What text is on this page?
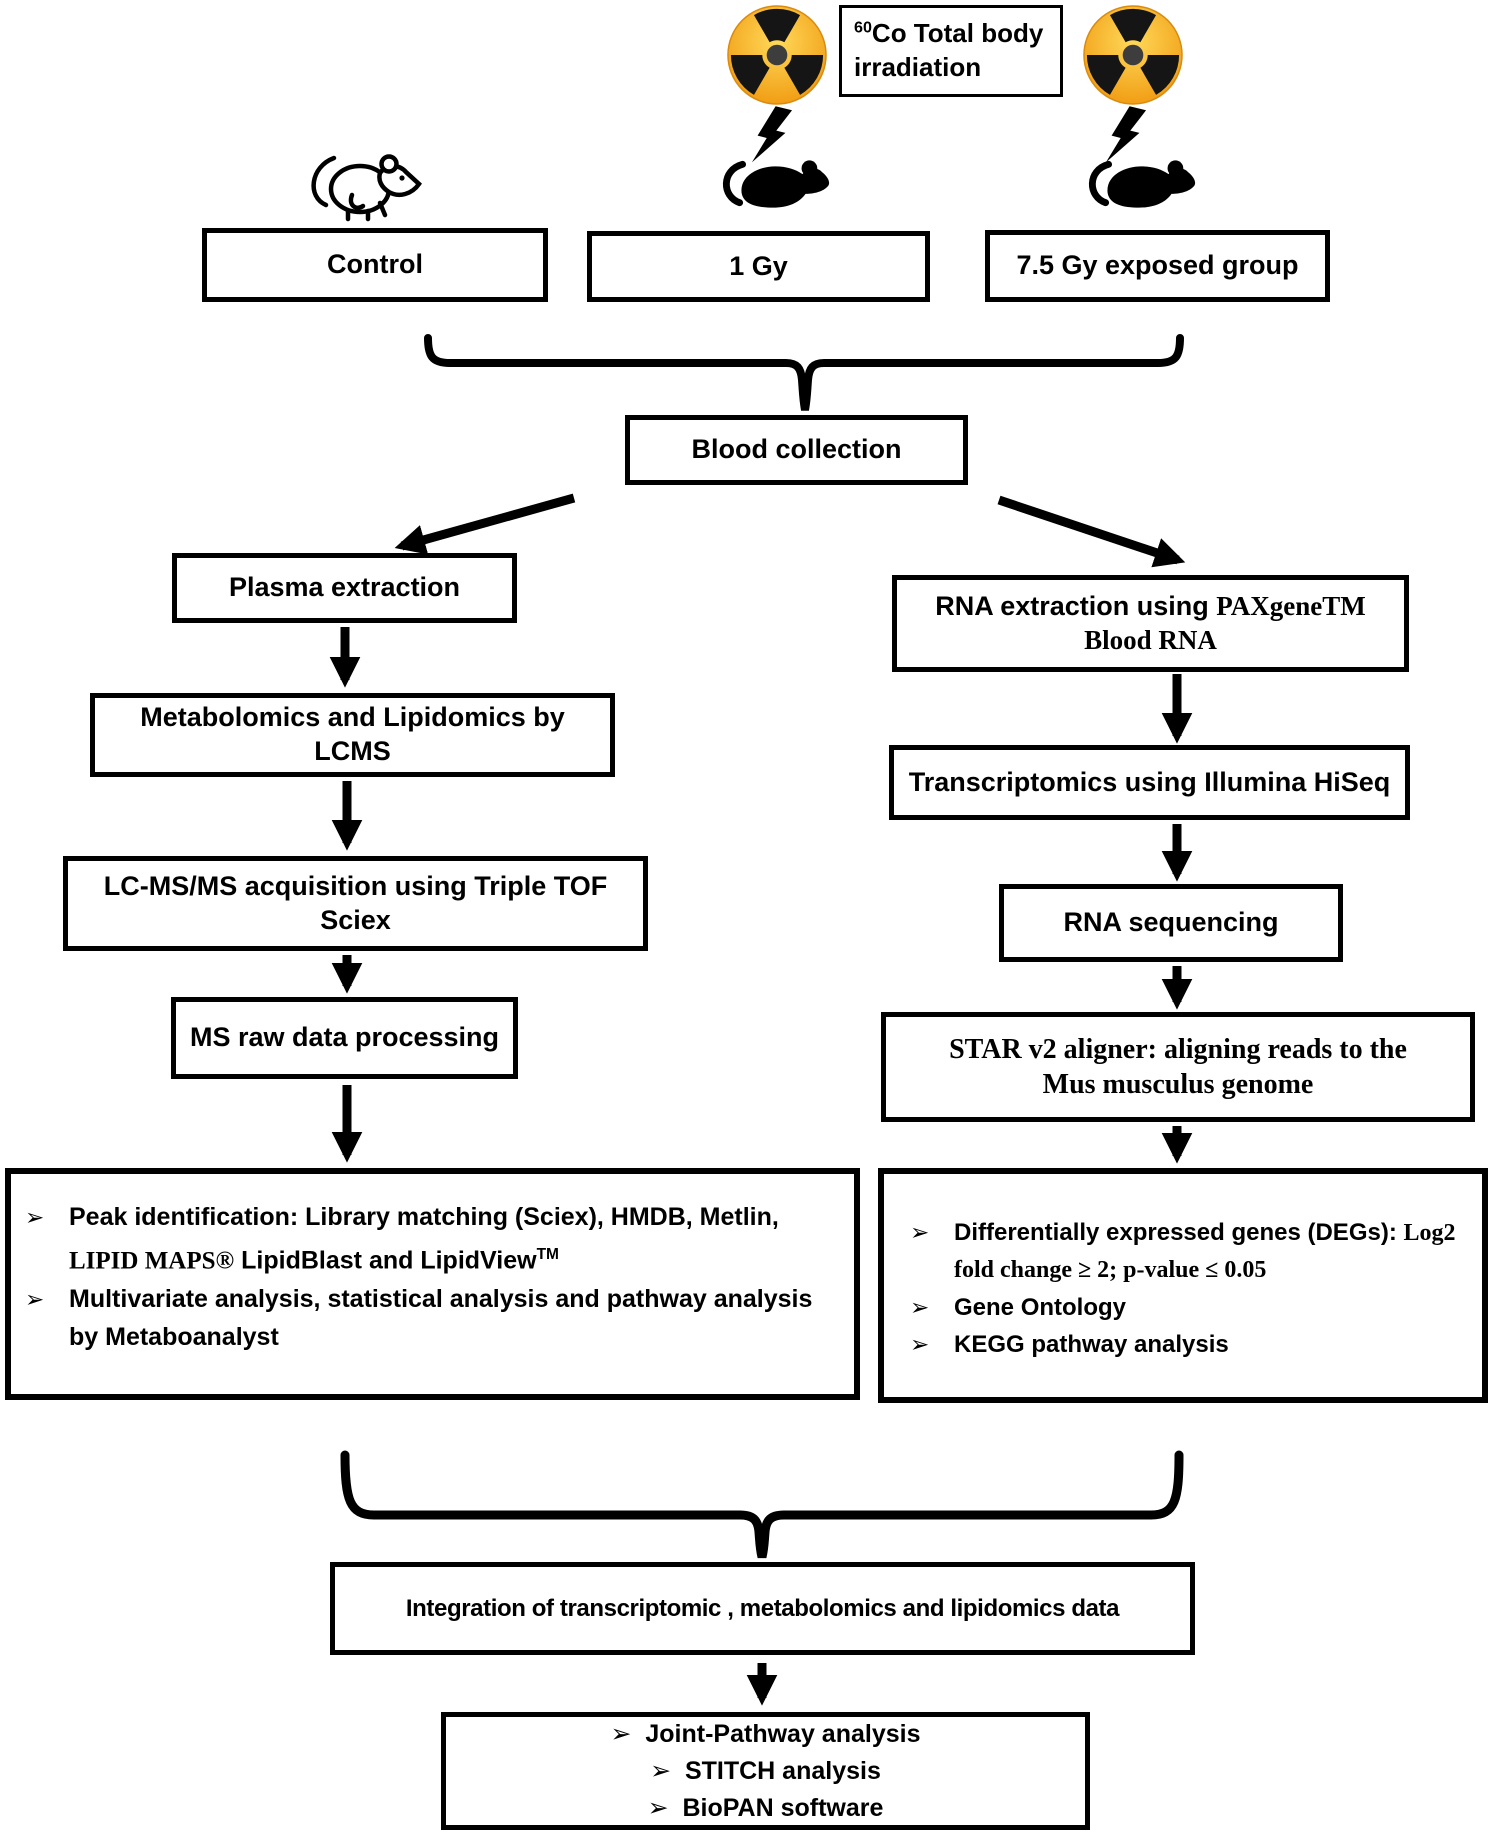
$^{60}$Co Total body
irradiation
Control	1 Gy	7.5 Gy exposed group
Blood collection
Plasma extraction
Metabolomics and Lipidomics by
LCMS
LC-MS/MS acquisition using Triple TOF
Sciex
MS raw data processing
RNA extraction using PAXgeneTM
Blood RNA
Transcriptomics using Illumina HiSeq
RNA sequencing
STAR v2 aligner: aligning reads to the
Mus musculus genome
➢ Peak identification: Library matching (Sciex), HMDB, Metlin,
LIPID MAPS® LipidBlast and LipidView™
➢ Multivariate analysis, statistical analysis and pathway analysis
by Metaboanalyst
➢ Differentially expressed genes (DEGs): Log2
fold change ≥ 2; p-value ≤ 0.05
➢ Gene Ontology
➢ KEGG pathway analysis
Integration of transcriptomic , metabolomics and lipidomics data
➢ Joint-Pathway analysis
➢ STITCH analysis
➢ BioPAN software
